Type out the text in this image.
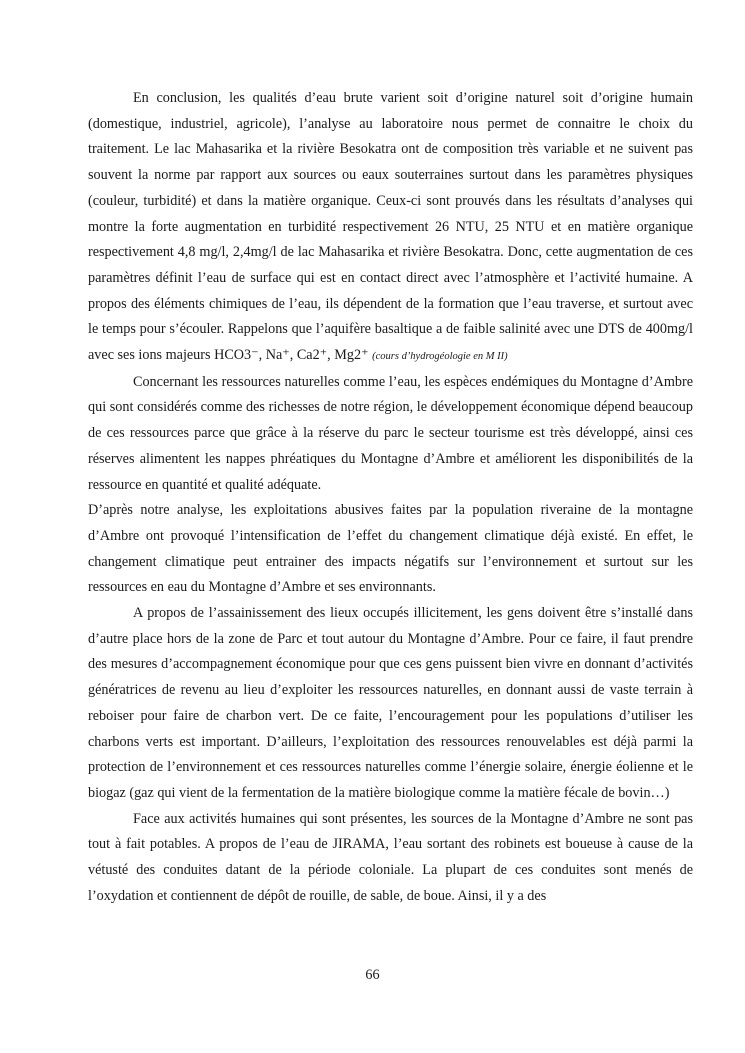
En conclusion, les qualités d’eau brute varient soit d’origine naturel soit d’origine humain (domestique, industriel, agricole), l’analyse au laboratoire nous permet de connaitre le choix du traitement. Le lac Mahasarika et la rivière Besokatra ont de composition très variable et ne suivent pas souvent la norme par rapport aux sources ou eaux souterraines surtout dans les paramètres physiques (couleur, turbidité) et dans la matière organique. Ceux-ci sont prouvés dans les résultats d’analyses qui montre la forte augmentation en turbidité respectivement 26 NTU, 25 NTU et en matière organique respectivement 4,8 mg/l, 2,4mg/l de lac Mahasarika et rivière Besokatra. Donc, cette augmentation de ces paramètres définit l’eau de surface qui est en contact direct avec l’atmosphère et l’activité humaine. A propos des éléments chimiques de l’eau, ils dépendent de la formation que l’eau traverse, et surtout avec le temps pour s’écouler. Rappelons que l’aquifère basaltique a de faible salinité avec une DTS de 400mg/l avec ses ions majeurs HCO3⁻, Na⁺, Ca2⁺, Mg2⁺ (cours d’hydrogéologie en M II)

Concernant les ressources naturelles comme l’eau, les espèces endémiques du Montagne d’Ambre qui sont considérés comme des richesses de notre région, le développement économique dépend beaucoup de ces ressources parce que grâce à la réserve du parc le secteur tourisme est très développé, ainsi ces réserves alimentent les nappes phréatiques du Montagne d’Ambre et améliorent les disponibilités de la ressource en quantité et qualité adéquate.

D’après notre analyse, les exploitations abusives faites par la population riveraine de la montagne d’Ambre ont provoqué l’intensification de l’effet du changement climatique déjà existé. En effet, le changement climatique peut entrainer des impacts négatifs sur l’environnement et surtout sur les ressources en eau du Montagne d’Ambre et ses environnants.

A propos de l’assainissement des lieux occupés illicitement, les gens doivent être s’installé dans d’autre place hors de la zone de Parc et tout autour du Montagne d’Ambre. Pour ce faire, il faut prendre des mesures d’accompagnement économique pour que ces gens puissent bien vivre en donnant d’activités génératrices de revenu au lieu d’exploiter les ressources naturelles, en donnant aussi de vaste terrain à reboiser pour faire de charbon vert. De ce faite, l’encouragement pour les populations d’utiliser les charbons verts est important. D’ailleurs, l’exploitation des ressources renouvelables est déjà parmi la protection de l’environnement et ces ressources naturelles comme l’énergie solaire, énergie éolienne et le biogaz (gaz qui vient de la fermentation de la matière biologique comme la matière fécale de bovin…)

Face aux activités humaines qui sont présentes, les sources de la Montagne d’Ambre ne sont pas tout à fait potables. A propos de l’eau de JIRAMA, l’eau sortant des robinets est boueuse à cause de la vétusté des conduites datant de la période coloniale. La plupart de ces conduites sont menés de l’oxydation et contiennent de dépôt de rouille, de sable, de boue. Ainsi, il y a des

66
